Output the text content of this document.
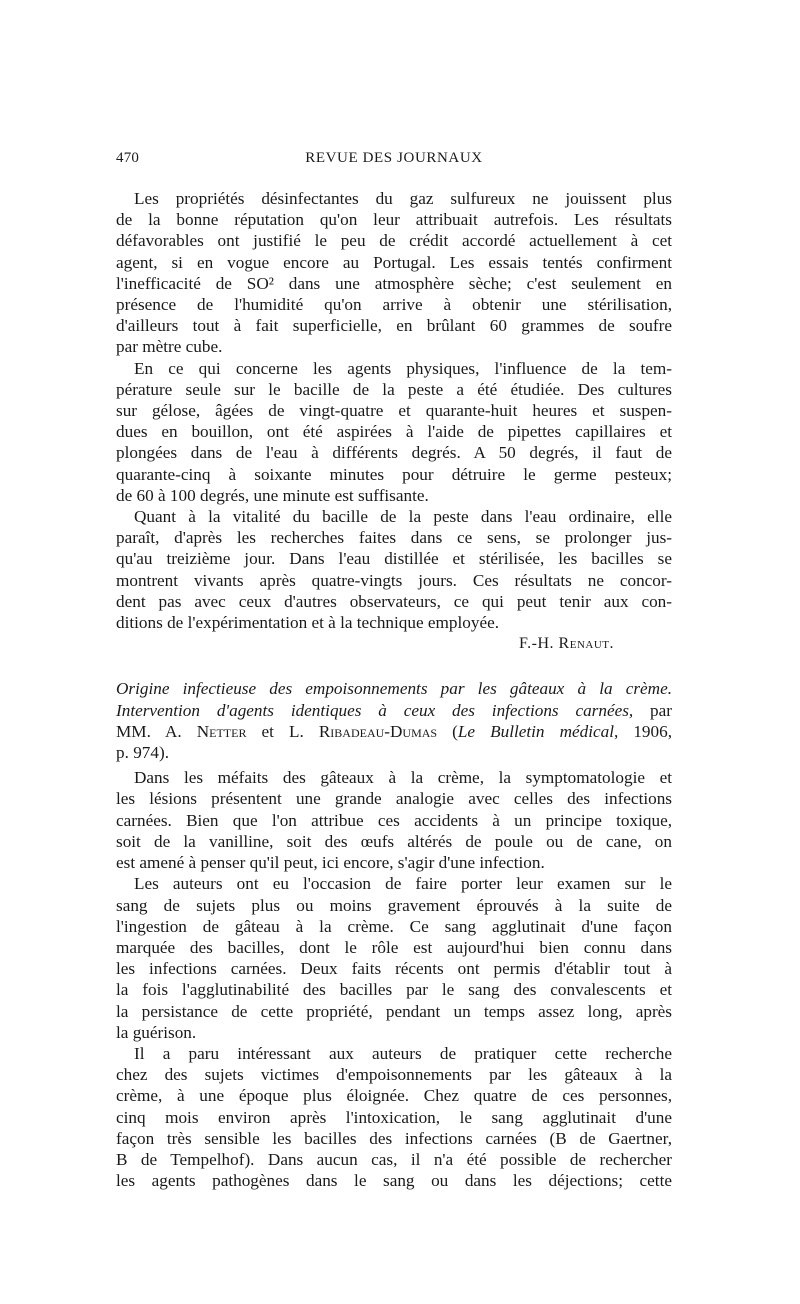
470	REVUE DES JOURNAUX

Les propriétés désinfectantes du gaz sulfureux ne jouissent plus
de la bonne réputation qu'on leur attribuait autrefois. Les résultats
défavorables ont justifié le peu de crédit accordé actuellement à cet
agent, si en vogue encore au Portugal. Les essais tentés confirment
l'inefficacité de SO² dans une atmosphère sèche; c'est seulement en
présence de l'humidité qu'on arrive à obtenir une stérilisation,
d'ailleurs tout à fait superficielle, en brûlant 60 grammes de soufre
par mètre cube.

En ce qui concerne les agents physiques, l'influence de la tem-
pérature seule sur le bacille de la peste a été étudiée. Des cultures
sur gélose, âgées de vingt-quatre et quarante-huit heures et suspen-
dues en bouillon, ont été aspirées à l'aide de pipettes capillaires et
plongées dans de l'eau à différents degrés. A 50 degrés, il faut de
quarante-cinq à soixante minutes pour détruire le germe pesteux;
de 60 à 100 degrés, une minute est suffisante.

Quant à la vitalité du bacille de la peste dans l'eau ordinaire, elle
paraît, d'après les recherches faites dans ce sens, se prolonger jus-
qu'au treizième jour. Dans l'eau distillée et stérilisée, les bacilles se
montrent vivants après quatre-vingts jours. Ces résultats ne concor-
dent pas avec ceux d'autres observateurs, ce qui peut tenir aux con-
ditions de l'expérimentation et à la technique employée.

F.-H. Renaut.
Origine infectieuse des empoisonnements par les gâteaux à la crème.
Intervention d'agents identiques à ceux des infections carnées, par
MM. A. Netter et L. Ribadeau-Dumas (Le Bulletin médical, 1906,
p. 974).

Dans les méfaits des gâteaux à la crème, la symptomatologie et
les lésions présentent une grande analogie avec celles des infections
carnées. Bien que l'on attribue ces accidents à un principe toxique,
soit de la vanilline, soit des œufs altérés de poule ou de cane, on
est amené à penser qu'il peut, ici encore, s'agir d'une infection.

Les auteurs ont eu l'occasion de faire porter leur examen sur le
sang de sujets plus ou moins gravement éprouvés à la suite de
l'ingestion de gâteau à la crème. Ce sang agglutinait d'une façon
marquée des bacilles, dont le rôle est aujourd'hui bien connu dans
les infections carnées. Deux faits récents ont permis d'établir tout à
la fois l'agglutinabilité des bacilles par le sang des convalescents et
la persistance de cette propriété, pendant un temps assez long, après
la guérison.

Il a paru intéressant aux auteurs de pratiquer cette recherche
chez des sujets victimes d'empoisonnements par les gâteaux à la
crème, à une époque plus éloignée. Chez quatre de ces personnes,
cinq mois environ après l'intoxication, le sang agglutinait d'une
façon très sensible les bacilles des infections carnées (B de Gaertner,
B de Tempelhof). Dans aucun cas, il n'a été possible de rechercher
les agents pathogènes dans le sang ou dans les déjections; cette
